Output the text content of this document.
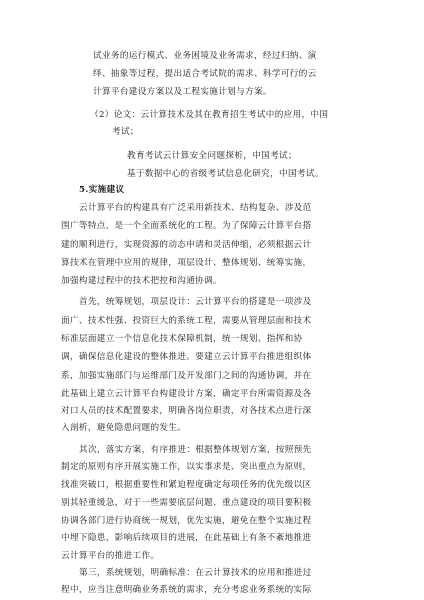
试业务的运行模式、业务困境及业务需求，经过归纳、演
绎、抽象等过程，提出适合考试院的需求、科学可行的云
计算平台建设方案以及工程实施计划与方案。
（2）论文：云计算技术及其在教育招生考试中的应用，中国
考试；
教育考试云计算安全问题探析，中国考试；
基于数据中心的省级考试信息化研究，中国考试。
5.实施建议
云计算平台的构建具有广泛采用新技术、结构复杂、涉及范
围广等特点，是一个全面系统化的工程。为了保障云计算平台搭
建的顺利进行，实现资源的动态申请和灵活伸缩，必须根据云计
算技术在管理中应用的规律，项层设计、整体规划、统筹实施，
加强构建过程中的技术把控和沟通协调。
首先，统筹规划，项层设计：云计算平台的搭建是一项涉及
面广、技术性强、投资巨大的系统工程，需要从管理层面和技术
标准层面建立一个信息化技术保障机制，统一规划、指挥和协
调，确保信息化建设的整体推进。要建立云计算平台推进组织体
系，加强实施部门与运维部门及开发部门之间的沟通协调，并在
此基础上建立云计算平台构建设计方案，确定平台所需资源及各
对口人员的技术配置要求，明确各岗位职责，对各技术点进行深
入剖析，避免隐患问题的发生。
其次，落实方案，有序推进：根据整体规划方案，按照预先
制定的原则有序开展实施工作，以实事求是、突出重点为原则，
找准突破口，根据重要性和紧迫程度确定每项任务的优先级以区
别其轻重缓急，对于一些需要底层问题、重点建设的项目要积极
协调各部门进行协商统一规划，优先实施，避免在整个实施过程
中埋下隐患，影响后续项目的进展，在此基础上有条不紊地推进
云计算平台的推进工作。
第三，系统规划，明确标准：在云计算技术的应用和推进过
程中，应当注意明确业务系统的需求，充分考虑业务系统的实际
